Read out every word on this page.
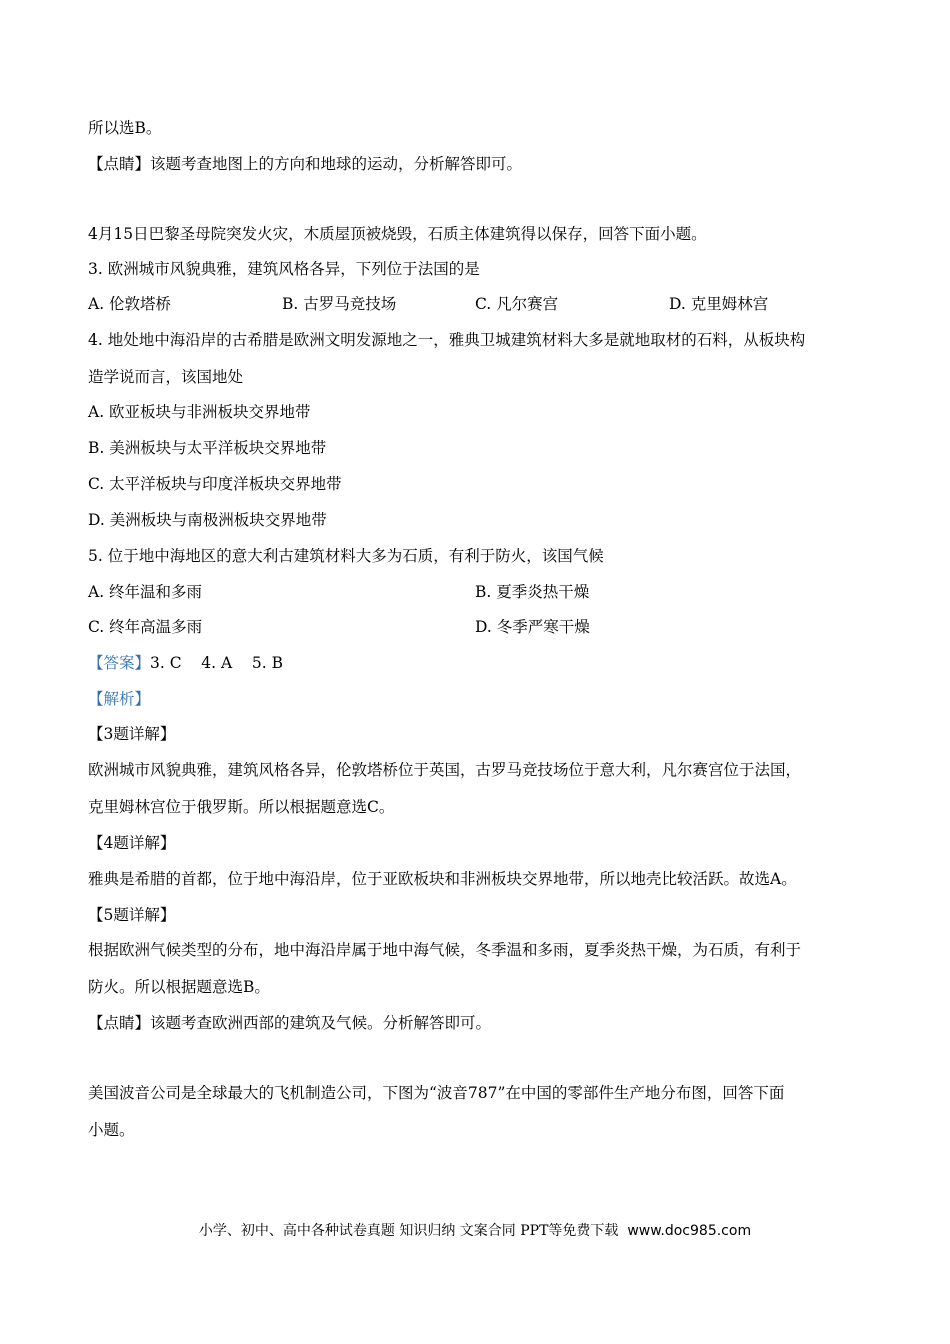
所以选B。
【点睛】该题考查地图上的方向和地球的运动，分析解答即可。
4月15日巴黎圣母院突发火灾，木质屋顶被烧毁，石质主体建筑得以保存，回答下面小题。
3. 欧洲城市风貌典雅，建筑风格各异，下列位于法国的是
A. 伦敦塔桥	B. 古罗马竞技场	C. 凡尔赛宫	D. 克里姆林宫
4. 地处地中海沿岸的古希腊是欧洲文明发源地之一，雅典卫城建筑材料大多是就地取材的石料，从板块构
造学说而言，该国地处
A. 欧亚板块与非洲板块交界地带
B. 美洲板块与太平洋板块交界地带
C. 太平洋板块与印度洋板块交界地带
D. 美洲板块与南极洲板块交界地带
5. 位于地中海地区的意大利古建筑材料大多为石质，有利于防火，该国气候
A. 终年温和多雨	B. 夏季炎热干燥
C. 终年高温多雨	D. 冬季严寒干燥
【答案】3. C    4. A    5. B
【解析】
【3题详解】
欧洲城市风貌典雅，建筑风格各异，伦敦塔桥位于英国，古罗马竞技场位于意大利，凡尔赛宫位于法国，
克里姆林宫位于俄罗斯。所以根据题意选C。
【4题详解】
雅典是希腊的首都，位于地中海沿岸，位于亚欧板块和非洲板块交界地带，所以地壳比较活跃。故选A。
【5题详解】
根据欧洲气候类型的分布，地中海沿岸属于地中海气候，冬季温和多雨，夏季炎热干燥，为石质，有利于
防火。所以根据题意选B。
【点睛】该题考查欧洲西部的建筑及气候。分析解答即可。
美国波音公司是全球最大的飞机制造公司，下图为“波音787”在中国的零部件生产地分布图，回答下面
小题。
小学、初中、高中各种试卷真题 知识归纳 文案合同 PPT等免费下载 www.doc985.com
